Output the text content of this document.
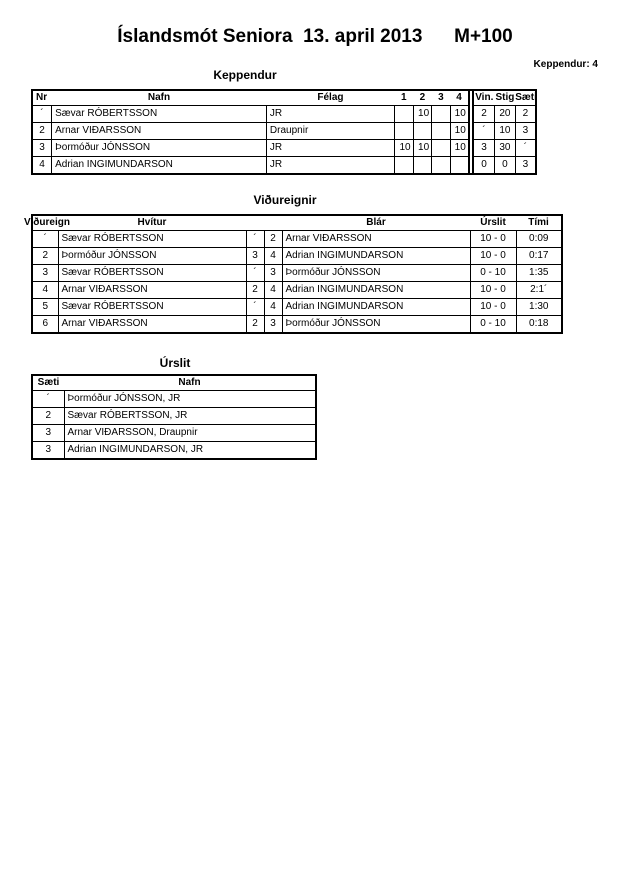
Íslandsmót Seniora  13. april 2013      M+100
Keppendur: 4
Keppendur
Nr	Nafn	Félag	1	2	3	4		Vin.	Stig	Sæti
´	Sævar RÓBERTSSON	JR		10		10		2	20	2
2	Arnar VIÐARSSON	Draupnir				10		´	10	3
3	Þormóður JÓNSSON	JR	10	10		10		3	30	´
4	Adrian INGIMUNDARSON	JR						0	0	3
Viðureignir
Viðureign	Hvítur			Blár	Úrslit	Tími
´	Sævar RÓBERTSSON	´	2	Arnar VIÐARSSON	10 - 0	0:09
2	Þormóður JÓNSSON	3	4	Adrian INGIMUNDARSON	10 - 0	0:17
3	Sævar RÓBERTSSON	´	3	Þormóður JÓNSSON	0 - 10	1:35
4	Arnar VIÐARSSON	2	4	Adrian INGIMUNDARSON	10 - 0	2:1´
5	Sævar RÓBERTSSON	´	4	Adrian INGIMUNDARSON	10 - 0	1:30
6	Arnar VIÐARSSON	2	3	Þormóður JÓNSSON	0 - 10	0:18
Úrslit
Sæti	Nafn
´	Þormóður JÓNSSON, JR
2	Sævar RÓBERTSSON, JR
3	Arnar VIÐARSSON, Draupnir
3	Adrian INGIMUNDARSON, JR
